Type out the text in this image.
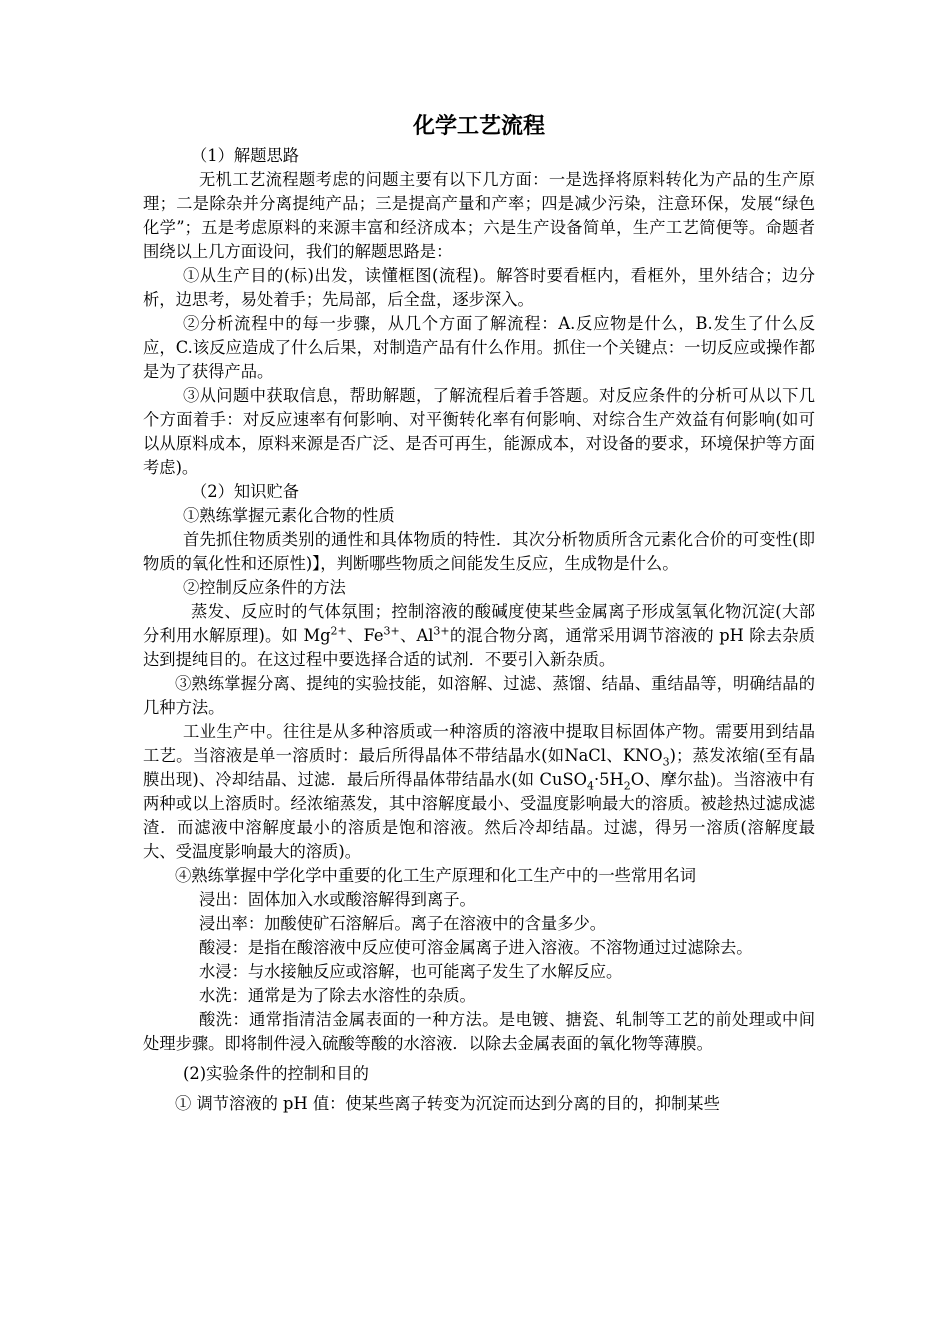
化学工艺流程

（1）解题思路

无机工艺流程题考虑的问题主要有以下几方面：一是选择将原料转化为产品的生产原理；二是除杂并分离提纯产品；三是提高产量和产率；四是减少污染，注意环保，发展“绿色化学”；五是考虑原料的来源丰富和经济成本；六是生产设备简单，生产工艺简便等。命题者围绕以上几方面设问，我们的解题思路是：

①从生产目的(标)出发，读懂框图(流程)。解答时要看框内，看框外，里外结合；边分析，边思考，易处着手；先局部，后全盘，逐步深入。

②分析流程中的每一步骤，从几个方面了解流程：A.反应物是什么，B.发生了什么反应，C.该反应造成了什么后果，对制造产品有什么作用。抓住一个关键点：一切反应或操作都是为了获得产品。

③从问题中获取信息，帮助解题，了解流程后着手答题。对反应条件的分析可从以下几个方面着手：对反应速率有何影响、对平衡转化率有何影响、对综合生产效益有何影响(如可以从原料成本，原料来源是否广泛、是否可再生，能源成本，对设备的要求，环境保护等方面考虑)。

（2）知识贮备

①熟练掌握元素化合物的性质

首先抓住物质类别的通性和具体物质的特性．其次分析物质所含元素化合价的可变性(即物质的氧化性和还原性)】，判断哪些物质之间能发生反应，生成物是什么。

②控制反应条件的方法

蒸发、反应时的气体氛围；控制溶液的酸碱度使某些金属离子形成氢氧化物沉淀(大部分利用水解原理)。如 $Mg^{2+}$、$Fe^{3+}$、$Al^{3+}$的混合物分离，通常采用调节溶液的 pH 除去杂质达到提纯目的。在这过程中要选择合适的试剂．不要引入新杂质。

③熟练掌握分离、提纯的实验技能，如溶解、过滤、蒸馏、结晶、重结晶等，明确结晶的几种方法。

工业生产中。往往是从多种溶质或一种溶质的溶液中提取目标固体产物。需要用到结晶工艺。当溶液是单一溶质时：最后所得晶体不带结晶水(如NaCl、$KNO_3$)；蒸发浓缩(至有晶膜出现)、冷却结晶、过滤．最后所得晶体带结晶水(如 $CuSO_4\cdot 5H_2O$、摩尔盐)。当溶液中有两种或以上溶质时。经浓缩蒸发，其中溶解度最小、受温度影响最大的溶质。被趁热过滤成滤渣．而滤液中溶解度最小的溶质是饱和溶液。然后冷却结晶。过滤，得另一溶质(溶解度最大、受温度影响最大的溶质)。

④熟练掌握中学化学中重要的化工生产原理和化工生产中的一些常用名词

浸出：固体加入水或酸溶解得到离子。

浸出率：加酸使矿石溶解后。离子在溶液中的含量多少。

酸浸：是指在酸溶液中反应使可溶金属离子进入溶液。不溶物通过过滤除去。

水浸：与水接触反应或溶解，也可能离子发生了水解反应。

水洗：通常是为了除去水溶性的杂质。

酸洗：通常指清洁金属表面的一种方法。是电镀、搪瓷、轧制等工艺的前处理或中间处理步骤。即将制件浸入硫酸等酸的水溶液．以除去金属表面的氧化物等薄膜。

(2)实验条件的控制和目的

① 调节溶液的 pH 值：使某些离子转变为沉淀而达到分离的目的，抑制某些
